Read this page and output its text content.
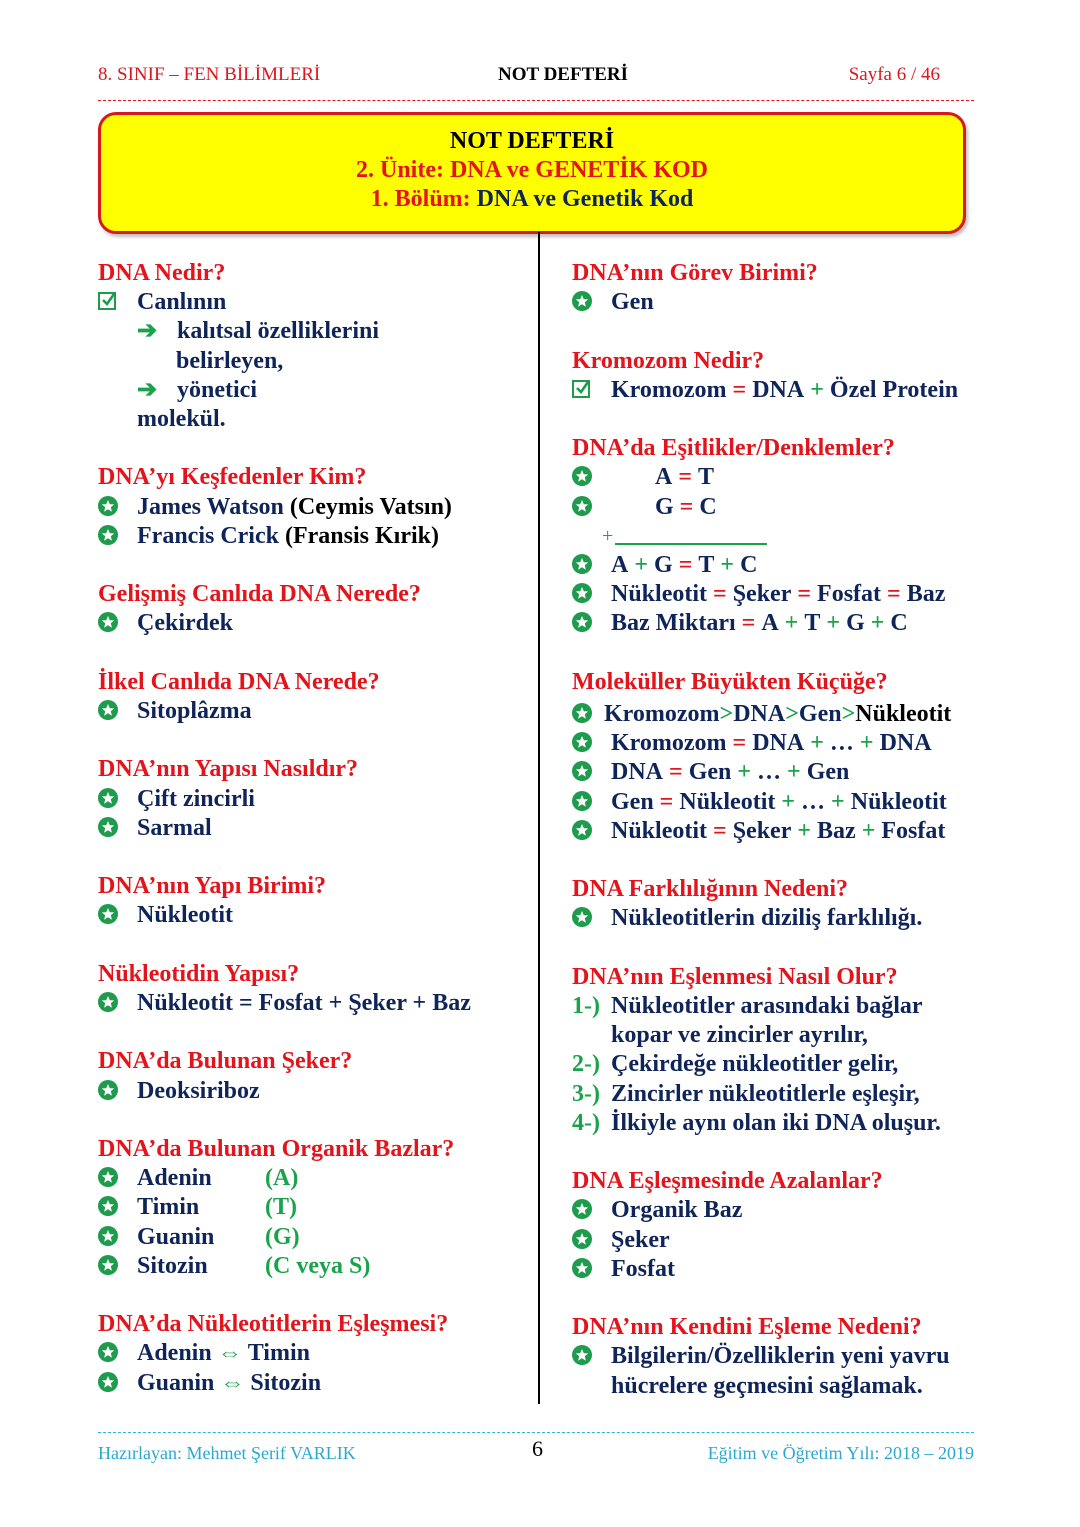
8. SINIF – FEN BİLİMLERİ	NOT DEFTERİ	Sayfa 6 / 46
NOT DEFTERİ
2. Ünite: DNA ve GENETİK KOD
1. Bölüm: DNA ve Genetik Kod
DNA Nedir?
Canlının
➔ kalıtsal özelliklerini
belirleyen,
➔ yönetici
molekül.
DNA’yı Keşfedenler Kim?
James Watson
(Ceymis Vatsın)
Francis Crick
(Fransis Kırik)
Gelişmiş Canlıda DNA Nerede?
Çekirdek
İlkel Canlıda DNA Nerede?
Sitoplâzma
DNA’nın Yapısı Nasıldır?
Çift zincirli
Sarmal
DNA’nın Yapı Birimi?
Nükleotit
Nükleotidin Yapısı?
Nükleotit = Fosfat + Şeker + Baz
DNA’da Bulunan Şeker?
Deoksiriboz
DNA’da Bulunan Organik Bazlar?
Adenin	(A)
Timin	(T)
Guanin	(G)
Sitozin	(C veya S)
DNA’da Nükleotitlerin Eşleşmesi?
Adenin
⇔
Timin
Guanin
⇔
Sitozin
DNA’nın Görev Birimi?
Gen
Kromozom Nedir?
Kromozom
=
DNA
+
Özel Protein
DNA’da Eşitlikler/Denklemler?
A
=
T
G
=
C
+
A
+
G
=
T
+
C
Nükleotit
=
Şeker
=
Fosfat
=
Baz
Baz Miktarı
=
A
+
T
+
G
+
C
Moleküller Büyükten Küçüğe?
Kromozom > DNA > Gen > Nükleotit
Kromozom
=
DNA
+
…
+
DNA
DNA
=
Gen
+
…
+
Gen
Gen
=
Nükleotit
+
…
+
Nükleotit
Nükleotit
=
Şeker
+
Baz
+
Fosfat
DNA Farklılığının Nedeni?
Nükleotitlerin diziliş farklılığı.
DNA’nın Eşlenmesi Nasıl Olur?
1-) Nükleotitler arasındaki bağlar
kopar ve zincirler ayrılır,
2-) Çekirdeğe nükleotitler gelir,
3-) Zincirler nükleotitlerle eşleşir,
4-) İlkiyle aynı olan iki DNA oluşur.
DNA Eşleşmesinde Azalanlar?
Organik Baz
Şeker
Fosfat
DNA’nın Kendini Eşleme Nedeni?
Bilgilerin/Özelliklerin yeni yavru
hücrelere geçmesini sağlamak.
Hazırlayan: Mehmet Şerif VARLIK	6	Eğitim ve Öğretim Yılı: 2018 – 2019
